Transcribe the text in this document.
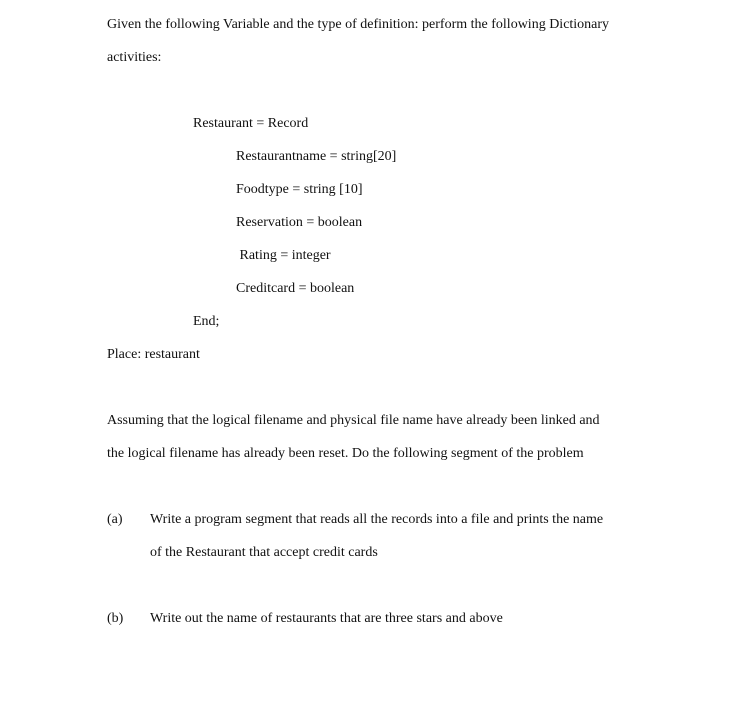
Given the following Variable and the type of definition: perform the following Dictionary
activities:
Restaurant = Record
Restaurantname = string[20]
Foodtype = string [10]
Reservation = boolean
Rating = integer
Creditcard = boolean
End;
Place: restaurant
Assuming that the logical filename and physical file name have already been linked and
the logical filename has already been reset. Do the following segment of the problem
(a) Write a program segment that reads all the records into a file and prints the name
of the Restaurant that accept credit cards
(b) Write out the name of restaurants that are three stars and above
